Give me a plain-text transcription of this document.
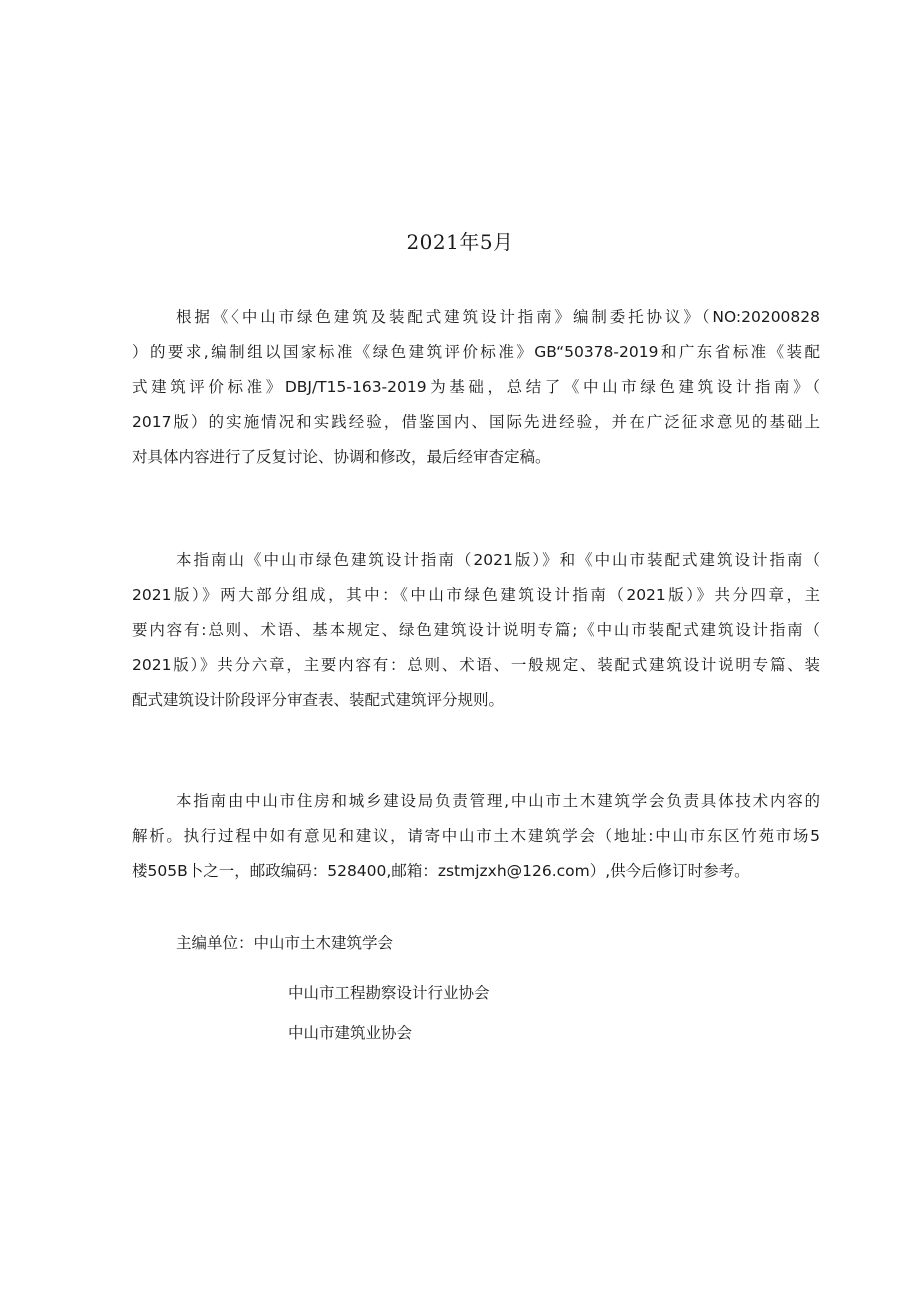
2021年5月
根据《〈中山市绿色建筑及装配式建筑设计指南》编制委托协议》（NO:20200828
）的要求,编制组以国家标准《绿色建筑评价标准》GB“50378-2019和广东省标准《装配
式建筑评价标准》DBJ/T15-163-2019为基础，总结了《中山市绿色建筑设计指南》（
2017版）的实施情况和实践经验，借鉴国内、国际先进经验，并在广泛征求意见的基础上
对具体内容进行了反复讨论、协调和修改，最后经审杳定稿。
本指南山《中山市绿色建筑设计指南（2021版）》和《中山市装配式建筑设计指南（
2021版）》两大部分组成，其中：《中山市绿色建筑设计指南（2021版）》共分四章，主
要内容有:总则、术语、基本规定、绿色建筑设计说明专篇;《中山市装配式建筑设计指南（
2021版）》共分六章，主要内容有：总则、术语、一般规定、装配式建筑设计说明专篇、装
配式建筑设计阶段评分审查表、装配式建筑评分规则。
本指南由中山市住房和城乡建设局负责管理,中山市土木建筑学会负责具体技术内容的
解析。执行过程中如有意见和建议，请寄中山市土木建筑学会（地址:中山市东区竹苑市场5
楼505B卜之一，邮政编码：528400,邮箱：zstmjzxh@126.com）,供今后修订时参考。
主编单位：中山市土木建筑学会
中山市工程勘察设计行业协会
中山市建筑业协会
